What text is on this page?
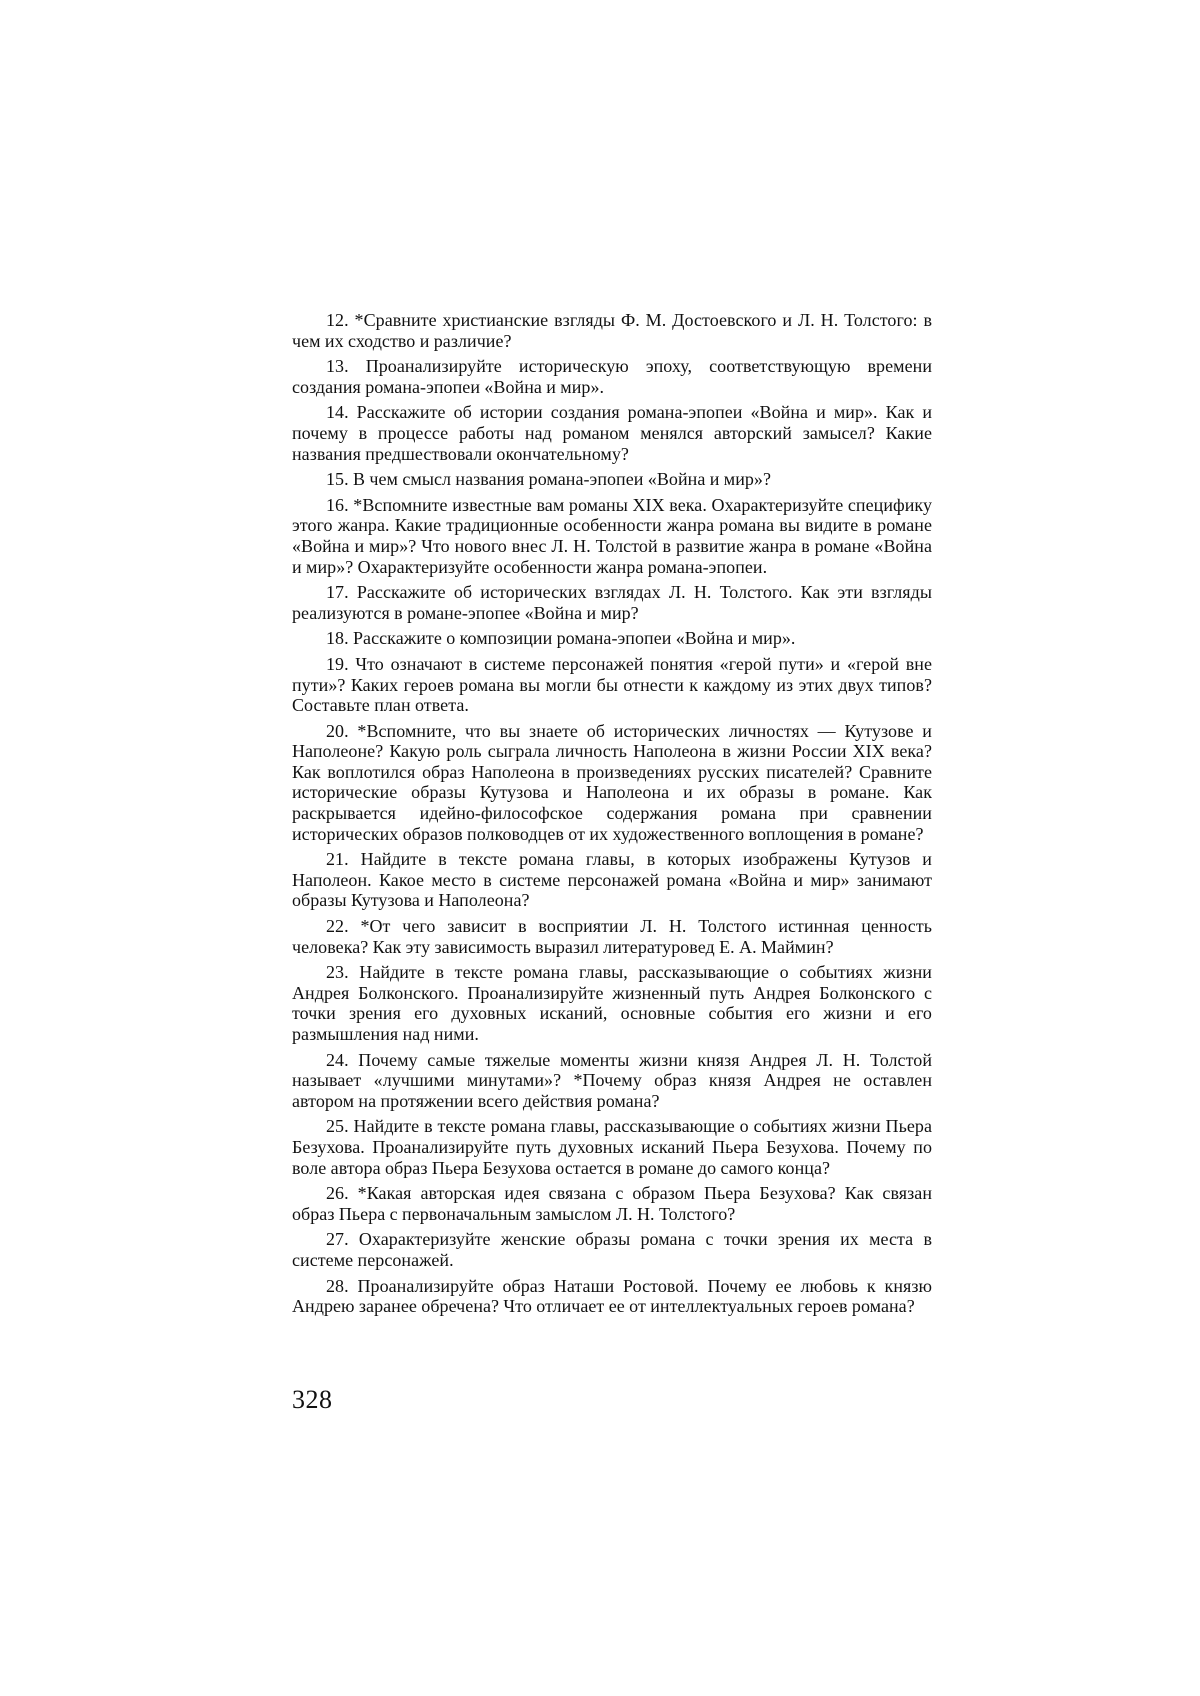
12. *Сравните христианские взгляды Ф. М. Достоевского и Л. Н. Толстого: в чем их сходство и различие?

13. Проанализируйте историческую эпоху, соответствующую времени создания романа-эпопеи «Война и мир».

14. Расскажите об истории создания романа-эпопеи «Война и мир». Как и почему в процессе работы над романом менялся авторский замысел? Какие названия предшествовали окончательному?

15. В чем смысл названия романа-эпопеи «Война и мир»?

16. *Вспомните известные вам романы XIX века. Охарактеризуйте специфику этого жанра. Какие традиционные особенности жанра романа вы видите в романе «Война и мир»? Что нового внес Л. Н. Толстой в развитие жанра в романе «Война и мир»? Охарактеризуйте особенности жанра романа-эпопеи.

17. Расскажите об исторических взглядах Л. Н. Толстого. Как эти взгляды реализуются в романе-эпопее «Война и мир?

18. Расскажите о композиции романа-эпопеи «Война и мир».

19. Что означают в системе персонажей понятия «герой пути» и «герой вне пути»? Каких героев романа вы могли бы отнести к каждому из этих двух типов? Составьте план ответа.

20. *Вспомните, что вы знаете об исторических личностях — Кутузове и Наполеоне? Какую роль сыграла личность Наполеона в жизни России XIX века? Как воплотился образ Наполеона в произведениях русских писателей? Сравните исторические образы Кутузова и Наполеона и их образы в романе. Как раскрывается идейно-философское содержания романа при сравнении исторических образов полководцев от их художественного воплощения в романе?

21. Найдите в тексте романа главы, в которых изображены Кутузов и Наполеон. Какое место в системе персонажей романа «Война и мир» занимают образы Кутузова и Наполеона?

22. *От чего зависит в восприятии Л. Н. Толстого истинная ценность человека? Как эту зависимость выразил литературовед Е. А. Маймин?

23. Найдите в тексте романа главы, рассказывающие о событиях жизни Андрея Болконского. Проанализируйте жизненный путь Андрея Болконского с точки зрения его духовных исканий, основные события его жизни и его размышления над ними.

24. Почему самые тяжелые моменты жизни князя Андрея Л. Н. Толстой называет «лучшими минутами»? *Почему образ князя Андрея не оставлен автором на протяжении всего действия романа?

25. Найдите в тексте романа главы, рассказывающие о событиях жизни Пьера Безухова. Проанализируйте путь духовных исканий Пьера Безухова. Почему по воле автора образ Пьера Безухова остается в романе до самого конца?

26. *Какая авторская идея связана с образом Пьера Безухова? Как связан образ Пьера с первоначальным замыслом Л. Н. Толстого?

27. Охарактеризуйте женские образы романа с точки зрения их места в системе персонажей.

28. Проанализируйте образ Наташи Ростовой. Почему ее любовь к князю Андрею заранее обречена? Что отличает ее от интеллектуальных героев романа?

328
